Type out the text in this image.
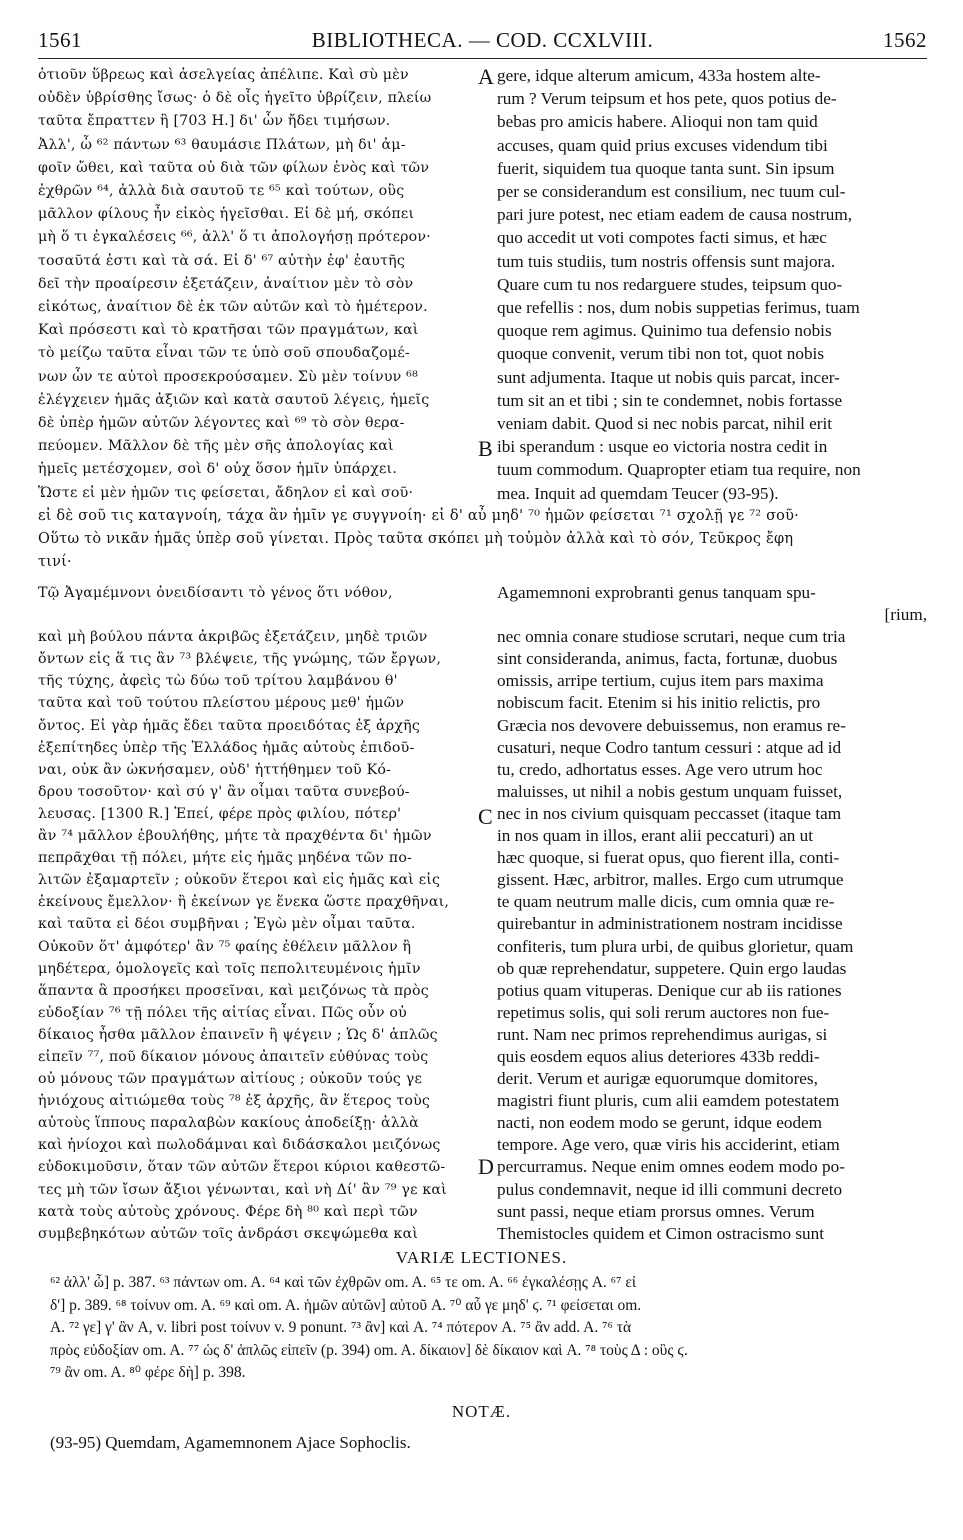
1561	BIBLIOTHECA. — COD. CCXLVIII.	1562
ὁτιοῦν ὕβρεως καὶ ἀσελγείας ἀπέλιπε. Καὶ σὺ μὲν
οὐδὲν ὑβρίσθης ἴσως· ὁ δὲ οἷς ἡγεῖτο ὑβρίζειν, πλείω
ταῦτα ἔπραττεν ἢ [703 H.] δι' ὧν ἤδει τιμήσων.
Ἀλλ', ὦ ⁶² πάντων ⁶³ θαυμάσιε Πλάτων, μὴ δι' ἀμ-
φοῖν ὤθει, καὶ ταῦτα οὐ διὰ τῶν φίλων ἑνὸς καὶ τῶν
ἐχθρῶν ⁶⁴, ἀλλὰ διὰ σαυτοῦ τε ⁶⁵ καὶ τούτων, οὓς
μᾶλλον φίλους ἦν εἰκὸς ἡγεῖσθαι. Εἰ δὲ μή, σκόπει
μὴ ὅ τι ἐγκαλέσεις ⁶⁶, ἀλλ' ὅ τι ἀπολογήσῃ πρότερον·
τοσαῦτά ἐστι καὶ τὰ σά. Εἰ δ' ⁶⁷ αὐτὴν ἐφ' ἑαυτῆς
δεῖ τὴν προαίρεσιν ἐξετάζειν, ἀναίτιον μὲν τὸ σὸν
εἰκότως, ἀναίτιον δὲ ἐκ τῶν αὐτῶν καὶ τὸ ἡμέτερον.
Καὶ πρόσεστι καὶ τὸ κρατῆσαι τῶν πραγμάτων, καὶ
τὸ μείζω ταῦτα εἶναι τῶν τε ὑπὸ σοῦ σπουδαζομέ-
νων ὧν τε αὐτοὶ προσεκρούσαμεν. Σὺ μὲν τοίνυν ⁶⁸
ἐλέγχειεν ἡμᾶς ἀξιῶν καὶ κατὰ σαυτοῦ λέγεις, ἡμεῖς
δὲ ὑπὲρ ἡμῶν αὐτῶν λέγοντες καὶ ⁶⁹ τὸ σὸν θερα-
πεύομεν. Μᾶλλον δὲ τῆς μὲν σῆς ἀπολογίας καὶ
ἡμεῖς μετέσχομεν, σοὶ δ' οὐχ ὅσον ἡμῖν ὑπάρχει.
Ὥστε εἰ μὲν ἡμῶν τις φείσεται, ἄδηλον εἰ καὶ σοῦ·
gere, idque alterum amicum, 433a hostem alte-
rum ? Verum teipsum et hos pete, quos potius de-
bebas pro amicis habere. Alioqui non tam quid
accuses, quam quid prius excuses videndum tibi
fuerit, siquidem tua quoque tanta sunt. Sin ipsum
per se considerandum est consilium, nec tuum cul-
pari jure potest, nec etiam eadem de causa nostrum,
quo accedit ut voti compotes facti simus, et hæc
tum tuis studiis, tum nostris offensis sunt majora.
Quare cum tu nos redarguere studes, teipsum quo-
que refellis : nos, dum nobis suppetias ferimus, tuam
quoque rem agimus. Quinimo tua defensio nobis
quoque convenit, verum tibi non tot, quot nobis
sunt adjumenta. Itaque ut nobis quis parcat, incer-
tum sit an et tibi ; sin te condemnet, nobis fortasse
veniam dabit. Quod si nec nobis parcat, nihil erit
ibi sperandum : usque eo victoria nostra cedit in
tuum commodum. Quapropter etiam tua require, non
mea. Inquit ad quemdam Teucer (93-95).
A
B
C
D
εἰ δὲ σοῦ τις καταγνοίη, τάχα ἂν ἡμῖν γε συγγνοίη· εἰ δ' αὖ μηδ' ⁷⁰ ἡμῶν φείσεται ⁷¹ σχολῇ γε ⁷² σοῦ·
Οὕτω τὸ νικᾶν ἡμᾶς ὑπὲρ σοῦ γίνεται. Πρὸς ταῦτα σκόπει μὴ τοὐμὸν ἀλλὰ καὶ τὸ σόν, Τεῦκρος ἔφη
τινί·
Τῷ Ἀγαμέμνονι ὀνειδίσαντι τὸ γένος ὅτι νόθον,

καὶ μὴ βούλου πάντα ἀκριβῶς ἐξετάζειν, μηδὲ τριῶν
ὄντων εἰς ἅ τις ἂν ⁷³ βλέψειε, τῆς γνώμης, τῶν ἔργων,
τῆς τύχης, ἀφεὶς τὼ δύω τοῦ τρίτου λαμβάνου θ'
ταῦτα καὶ τοῦ τούτου πλείστου μέρους μεθ' ἡμῶν
ὄντος. Εἰ γὰρ ἡμᾶς ἔδει ταῦτα προειδότας ἐξ ἀρχῆς
ἐξεπίτηδες ὑπὲρ τῆς Ἑλλάδος ἡμᾶς αὐτοὺς ἐπιδοῦ-
ναι, οὐκ ἂν ὠκνήσαμεν, οὐδ' ἡττήθημεν τοῦ Κό-
δρου τοσοῦτον· καὶ σύ γ' ἂν οἶμαι ταῦτα συνεβού-
λευσας. [1300 R.] Ἐπεί, φέρε πρὸς φιλίου, πότερ'
ἂν ⁷⁴ μᾶλλον ἐβουλήθης, μήτε τὰ πραχθέντα δι' ἡμῶν
πεπρᾶχθαι τῇ πόλει, μήτε εἰς ἡμᾶς μηδένα τῶν πο-
λιτῶν ἐξαμαρτεῖν ; οὐκοῦν ἕτεροι καὶ εἰς ἡμᾶς καὶ εἰς
ἐκείνους ἔμελλον· ἢ ἐκείνων γε ἕνεκα ὥστε πραχθῆναι,
καὶ ταῦτα εἰ δέοι συμβῆναι ; Ἐγὼ μὲν οἶμαι ταῦτα.
Οὐκοῦν ὅτ' ἀμφότερ' ἂν ⁷⁵ φαίης ἐθέλειν μᾶλλον ἢ
μηδέτερα, ὁμολογεῖς καὶ τοῖς πεπολιτευμένοις ἡμῖν
ἅπαντα ἃ προσήκει προσεῖναι, καὶ μειζόνως τὰ πρὸς
εὐδοξίαν ⁷⁶ τῇ πόλει τῆς αἰτίας εἶναι. Πῶς οὖν οὐ
δίκαιος ἦσθα μᾶλλον ἐπαινεῖν ἢ ψέγειν ; Ὡς δ' ἁπλῶς
εἰπεῖν ⁷⁷, ποῦ δίκαιον μόνους ἀπαιτεῖν εὐθύνας τοὺς
οὐ μόνους τῶν πραγμάτων αἰτίους ; οὐκοῦν τούς γε
ἡνιόχους αἰτιώμεθα τοὺς ⁷⁸ ἐξ ἀρχῆς, ἂν ἕτερος τοὺς
αὐτοὺς ἵππους παραλαβὼν κακίους ἀποδείξῃ· ἀλλὰ
καὶ ἡνίοχοι καὶ πωλοδάμναι καὶ διδάσκαλοι μειζόνως
εὐδοκιμοῦσιν, ὅταν τῶν αὐτῶν ἕτεροι κύριοι καθεστῶ-
τες μὴ τῶν ἴσων ἄξιοι γένωνται, καὶ νὴ Δί' ἂν ⁷⁹ γε καὶ
κατὰ τοὺς αὐτοὺς χρόνους. Φέρε δὴ ⁸⁰ καὶ περὶ τῶν
συμβεβηκότων αὐτῶν τοῖς ἀνδράσι σκεψώμεθα καὶ
Agamemnoni exprobranti genus tanquam spu-
[rium,
nec omnia conare studiose scrutari, neque cum tria
sint consideranda, animus, facta, fortunæ, duobus
omissis, arripe tertium, cujus item pars maxima
nobiscum facit. Etenim si his initio relictis, pro
Græcia nos devovere debuissemus, non eramus re-
cusaturi, neque Codro tantum cessuri : atque ad id
tu, credo, adhortatus esses. Age vero utrum hoc
maluisses, ut nihil a nobis gestum unquam fuisset,
nec in nos civium quisquam peccasset (itaque tam
in nos quam in illos, erant alii peccaturi) an ut
hæc quoque, si fuerat opus, quo fierent illa, conti-
gissent. Hæc, arbitror, malles. Ergo cum utrumque
te quam neutrum malle dicis, cum omnia quæ re-
quirebantur in administrationem nostram incidisse
confiteris, tum plura urbi, de quibus glorietur, quam
ob quæ reprehendatur, suppetere. Quin ergo laudas
potius quam vituperas. Denique cur ab iis rationes
repetimus solis, qui soli rerum auctores non fue-
runt. Nam nec primos reprehendimus aurigas, si
quis eosdem equos alius deteriores 433b reddi-
derit. Verum et aurigæ equorumque domitores,
magistri fiunt pluris, cum alii eamdem potestatem
nacti, non eodem modo se gerunt, idque eodem
tempore. Age vero, quæ viris his acciderint, etiam
percurramus. Neque enim omnes eodem modo po-
pulus condemnavit, neque id illi communi decreto
sunt passi, neque etiam prorsus omnes. Verum
Themistocles quidem et Cimon ostracismo sunt
VARIÆ LECTIONES.
⁶² ἀλλ' ὦ] p. 387. ⁶³ πάντων om. A. ⁶⁴ καὶ τῶν ἐχθρῶν om. A. ⁶⁵ τε om. A. ⁶⁶ ἐγκαλέσῃς A. ⁶⁷ εἰ
δ'] p. 389. ⁶⁸ τοίνυν om. A. ⁶⁹ καὶ om. A. ἡμῶν αὐτῶν] αὐτοῦ A. ⁷⁰ αὖ γε μηδ' ϛ. ⁷¹ φείσεται om.
A. ⁷² γε] γ' ἂν A, v. libri post τοίνυν v. 9 ponunt. ⁷³ ἂν] καὶ A. ⁷⁴ πότερον A. ⁷⁵ ἂν add. A. ⁷⁶ τὰ
πρὸς εὐδοξίαν om. A. ⁷⁷ ὡς δ' ἁπλῶς εἰπεῖν (p. 394) om. A. δίκαιον] δὲ δίκαιον καὶ A. ⁷⁸ τοὺς Δ : οὓς ϛ.
⁷⁹ ἂν om. A. ⁸⁰ φέρε δὴ] p. 398.
NOTÆ.
(93-95) Quemdam, Agamemnonem Ajace Sophoclis.
